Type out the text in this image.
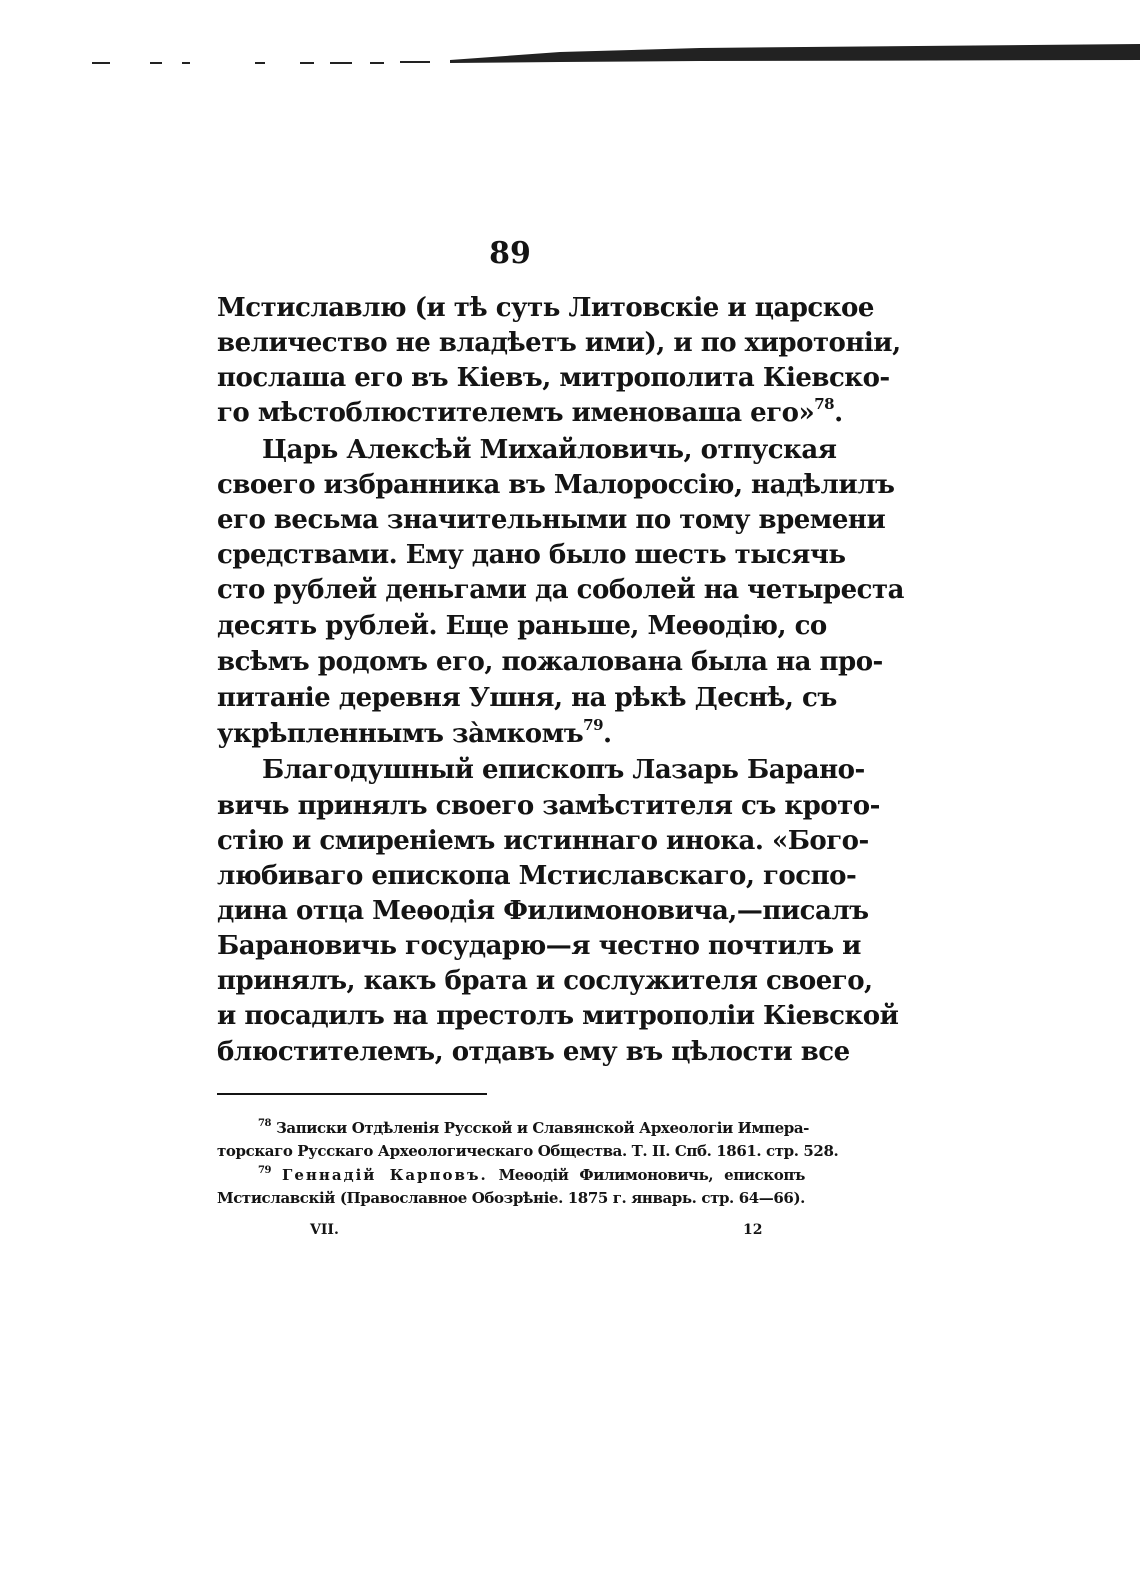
89
Мстиславлю (и тѣ суть Литовскіе и царское
величество не владѣетъ ими), и по хиротоніи,
послаша его въ Кіевъ, митрополита Кіевско-
го мѣстоблюстителемъ именоваша его»$^{78}$.
Царь Алексѣй Михайловичь, отпуская
своего избранника въ Малороссію, надѣлилъ
его весьма значительными по тому времени
средствами. Ему дано было шесть тысячь
сто рублей деньгами да соболей на четыреста
десять рублей. Еще раньше, Меѳодію, со
всѣмъ родомъ его, пожалована была на про-
питаніе деревня Ушня, на рѣкѣ Деснѣ, съ
укрѣпленнымъ за̀мкомъ$^{79}$.
Благодушный епископъ Лазарь Барано-
вичь принялъ своего замѣстителя съ крото-
стію и смиреніемъ истиннаго инока. «Бого-
любиваго епископа Мстиславскаго, госпо-
дина отца Меѳодія Филимоновича,—писалъ
Барановичь государю—я честно почтилъ и
принялъ, какъ брата и сослужителя своего,
и посадилъ на престолъ митрополіи Кіевской
блюстителемъ, отдавъ ему въ цѣлости все
$^{78}$ Записки Отдѣленія Русской и Славянской Археологіи Импера-
торскаго Русскаго Археологическаго Общества. Т. II. Спб. 1861. стр. 528.
$^{79}$ Геннадій Карповъ. Меѳодій Филимоновичь, епископъ
Мстиславскій (Православное Обозрѣніе. 1875 г. январь. стр. 64—66).
VII.	12
